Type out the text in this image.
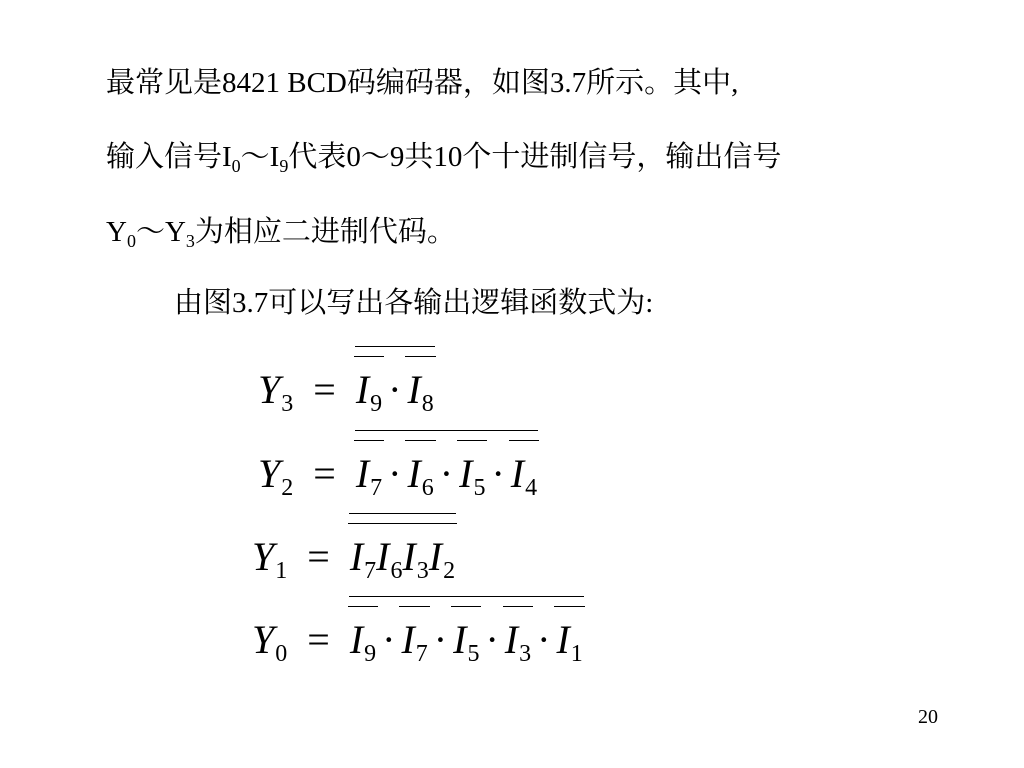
最常见是8421 BCD码编码器，如图3.7所示。其中,
输入信号$I_0\sim I_9$代表0～9共10个十进制信号，输出信号
$Y_0\sim Y_3$为相应二进制代码。
由图3.7可以写出各输出逻辑函数式为:
$Y_3 = I_9 \cdot I_8$
$Y_2 = I_7 \cdot I_6 \cdot I_5 \cdot I_4$
$Y_1 = I_7I_6I_3I_2$
$Y_0 = I_9 \cdot I_7 \cdot I_5 \cdot I_3 \cdot I_1$
20
